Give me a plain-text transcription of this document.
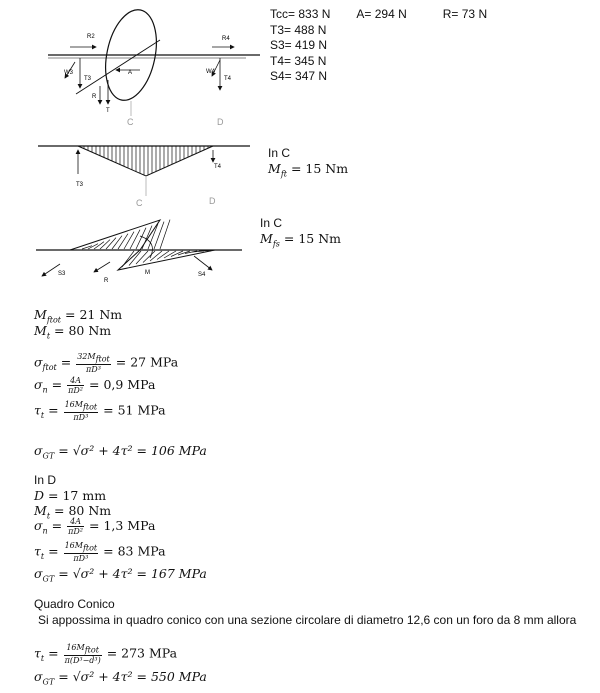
R2
W3
T3
A
R
T
R4
W4
T4
C	D
Tcc= 833 N A= 294 N	R= 73 N
T3= 488 N
S3= 419 N
T4= 345 N
S4= 347 N
T3
T4
C	D
In C
$M_{ft} = 15$ Nm
M
S3
R
S4
In C
$M_{fs} = 15$ Nm
$M_{ftot} = 21$ Nm
$M_t = 80$ Nm
$\sigma_{ftot} = \frac{32M_{ftot}}{\text{πD³}} = 27$ MPa
$\sigma_n = \frac{4A}{\text{πD²}} = 0,9$ MPa
$\tau_t = \frac{16M_{ftot}}{\text{πD³}} = 51$ MPa
$\sigma_{GT} = √\sigma^2 + 4\tau^2 = 106$ MPa
In D
D = 17 mm
$M_t = 80$ Nm
$\sigma_n = \frac{4A}{\text{πD²}} = 1,3$ MPa
$\tau_t = \frac{16M_{ftot}}{\text{πD³}} = 83$ MPa
$\sigma_{GT} = √\sigma^2 + 4\tau^2 = 167$ MPa
Quadro Conico
Si appossima in quadro conico con una sezione circolare di diametro 12,6 con un foro da 8 mm allora
$\tau_t = \frac{16M_{ftot}}{\text{π(D³−d³)}} = 273$ MPa
$\sigma_{GT} = √\sigma^2 + 4\tau^2 = 550$ MPa
